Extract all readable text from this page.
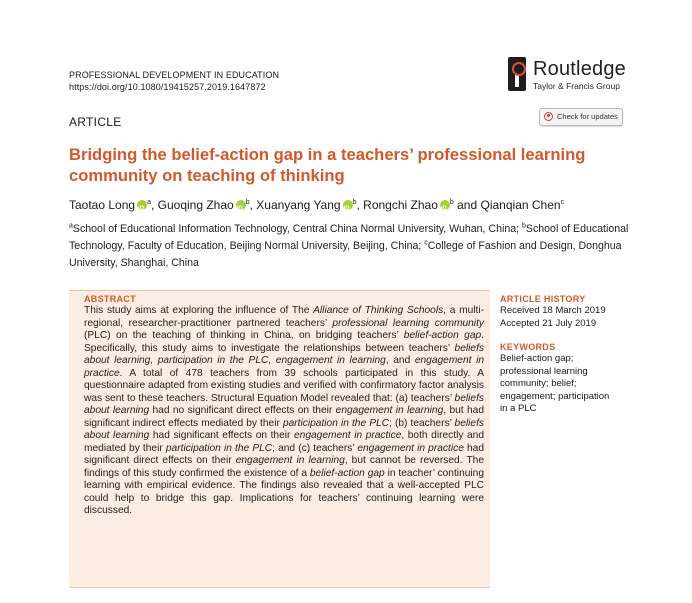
PROFESSIONAL DEVELOPMENT IN EDUCATION
https://doi.org/10.1080/19415257.2019.1647872
Routledge
Taylor & Francis Group
ARTICLE	Check for updates
Bridging the belief-action gap in a teachers’ professional learning community on teaching of thinking
Taotao Long iD $^a$, Guoqing Zhao iD $^b$, Xuanyang Yang iD $^b$, Rongchi Zhao iD $^b$ and Qianqian Chen$^c$
$^a$School of Educational Information Technology, Central China Normal University, Wuhan, China; $^b$School of Educational Technology, Faculty of Education, Beijing Normal University, Beijing, China; $^c$College of Fashion and Design, Donghua University, Shanghai, China
ABSTRACT
This study aims at exploring the influence of The Alliance of Thinking Schools, a multi-regional, researcher-practitioner partnered teachers’ professional learning community (PLC) on the teaching of thinking in China, on bridging teachers’ belief-action gap. Specifically, this study aims to investigate the relationships between teachers’ beliefs about learning, participation in the PLC, engagement in learning, and engagement in practice. A total of 478 teachers from 39 schools participated in this study. A questionnaire adapted from existing studies and verified with confirmatory factor analysis was sent to these teachers. Structural Equation Model revealed that: (a) teachers’ beliefs about learning had no significant direct effects on their engagement in learning, but had significant indirect effects mediated by their participation in the PLC; (b) teachers’ beliefs about learning had significant effects on their engagement in practice, both directly and mediated by their participation in the PLC; and (c) teachers’ engagement in practice had significant direct effects on their engagement in learning, but cannot be reversed. The findings of this study confirmed the existence of a belief-action gap in teacher’ continuing learning with empirical evidence. The findings also revealed that a well-accepted PLC could help to bridge this gap. Implications for teachers’ continuing learning were discussed.
ARTICLE HISTORY
Received 18 March 2019
Accepted 21 July 2019
KEYWORDS
Belief-action gap; professional learning community; belief; engagement; participation in a PLC
